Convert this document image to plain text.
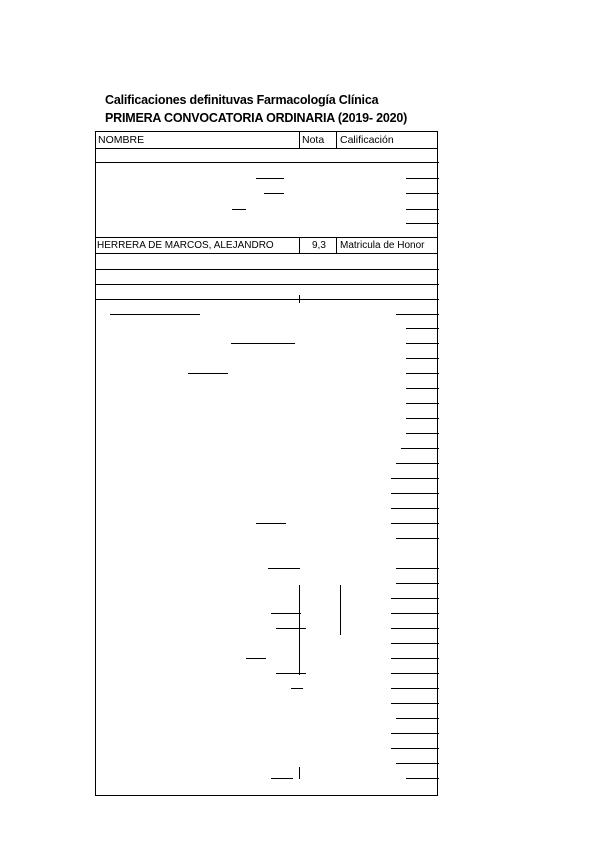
Calificaciones definituvas Farmacología Clínica
PRIMERA CONVOCATORIA ORDINARIA (2019- 2020)
NOMBRE	Nota Calificación
HERRERA DE MARCOS, ALEJANDRO	9,3 Matricula de Honor
